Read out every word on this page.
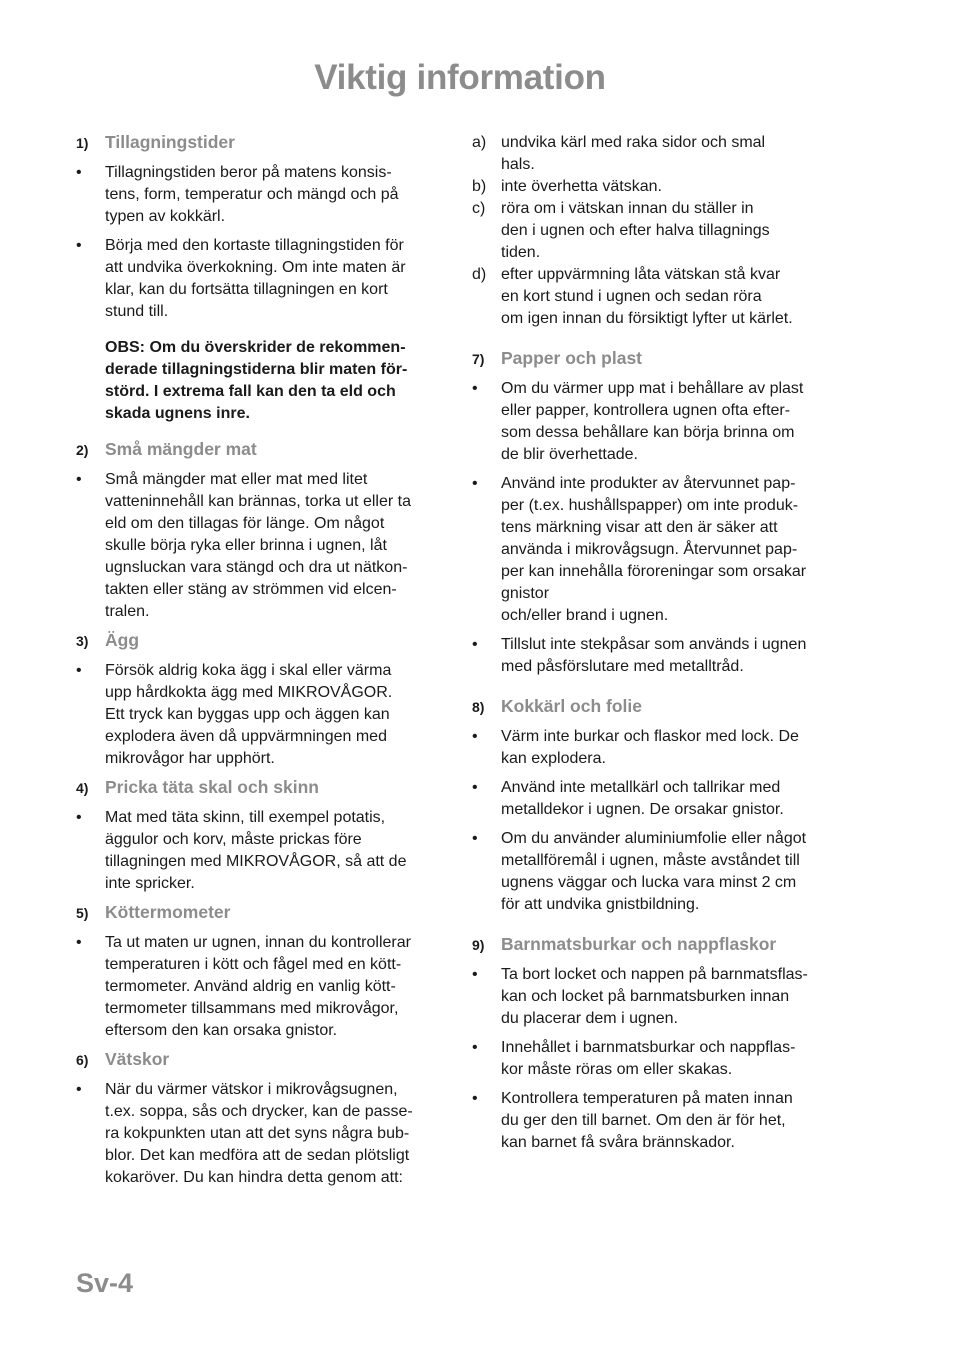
Viktig information
1) Tillagningstider
•	Tillagningstiden beror på matens konsis-
tens, form, temperatur och mängd och på
typen av kokkärl.
•	Börja med den kortaste tillagningstiden för
att undvika överkokning. Om inte maten är
klar, kan du fortsätta tillagningen en kort
stund till.
OBS: Om du överskrider de rekommen-
derade tillagningstiderna blir maten för-
störd. I extrema fall kan den ta eld och
skada ugnens inre.
2) Små mängder mat
•	Små mängder mat eller mat med litet
vatteninnehåll kan brännas, torka ut eller ta
eld om den tillagas för länge. Om något
skulle börja ryka eller brinna i ugnen, låt
ugnsluckan vara stängd och dra ut nätkon-
takten eller stäng av strömmen vid elcen-
tralen.
3) Ägg
•	Försök aldrig koka ägg i skal eller värma
upp hårdkokta ägg med MIKROVÅGOR.
Ett tryck kan byggas upp och äggen kan
explodera även då uppvärmningen med
mikrovågor har upphört.
4) Pricka täta skal och skinn
•	Mat med täta skinn, till exempel potatis,
äggulor och korv, måste prickas före
tillagningen med MIKROVÅGOR, så att de
inte spricker.
5) Köttermometer
•	Ta ut maten ur ugnen, innan du kontrollerar
temperaturen i kött och fågel med en kött-
termometer. Använd aldrig en vanlig kött-
termometer tillsammans med mikrovågor,
eftersom den kan orsaka gnistor.
6) Vätskor
•	När du värmer vätskor i mikrovågsugnen,
t.ex. soppa, sås och drycker, kan de passe-
ra kokpunkten utan att det syns några bub-
blor. Det kan medföra att de sedan plötsligt
kokaröver. Du kan hindra detta genom att:
a) undvika kärl med raka sidor och smal
hals.
b) inte överhetta vätskan.
c) röra om i vätskan innan du ställer in
den i ugnen och efter halva tillagnings
tiden.
d) efter uppvärmning låta vätskan stå kvar
en kort stund i ugnen och sedan röra
om igen innan du försiktigt lyfter ut kärlet.
7) Papper och plast
•	Om du värmer upp mat i behållare av plast
eller papper, kontrollera ugnen ofta efter-
som dessa behållare kan börja brinna om
de blir överhettade.
•	Använd inte produkter av återvunnet pap-
per (t.ex. hushållspapper) om inte produk-
tens märkning visar att den är säker att
använda i mikrovågsugn. Återvunnet pap-
per kan innehålla föroreningar som orsakar
gnistor
och/eller brand i ugnen.
•	Tillslut inte stekpåsar som används i ugnen
med påsförslutare med metalltråd.
8) Kokkärl och folie
•	Värm inte burkar och flaskor med lock. De
kan explodera.
•	Använd inte metallkärl och tallrikar med
metalldekor i ugnen. De orsakar gnistor.
•	Om du använder aluminiumfolie eller något
metallföremål i ugnen, måste avståndet till
ugnens väggar och lucka vara minst 2 cm
för att undvika gnistbildning.
9) Barnmatsburkar och nappflaskor
•	Ta bort locket och nappen på barnmatsflas-
kan och locket på barnmatsburken innan
du placerar dem i ugnen.
•	Innehållet i barnmatsburkar och nappflas-
kor måste röras om eller skakas.
•	Kontrollera temperaturen på maten innan
du ger den till barnet. Om den är för het,
kan barnet få svåra brännskador.
Sv-4
